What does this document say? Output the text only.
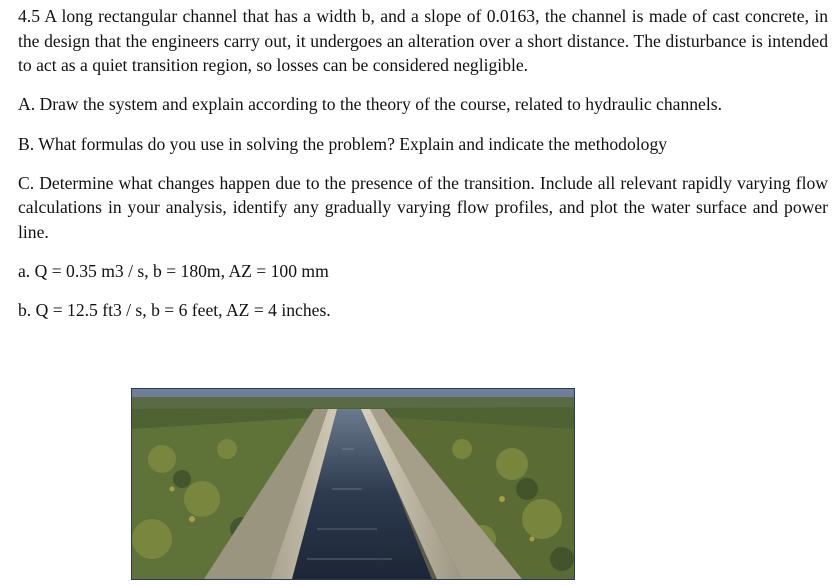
4.5 A long rectangular channel that has a width b, and a slope of 0.0163, the channel is made of cast concrete, in the design that the engineers carry out, it undergoes an alteration over a short distance. The disturbance is intended to act as a quiet transition region, so losses can be considered negligible.

A. Draw the system and explain according to the theory of the course, related to hydraulic channels.

B. What formulas do you use in solving the problem? Explain and indicate the methodology

C. Determine what changes happen due to the presence of the transition. Include all relevant rapidly varying flow calculations in your analysis, identify any gradually varying flow profiles, and plot the water surface and power line.

a. Q = 0.35 m3 / s, b = 180m, AZ = 100 mm

b. Q = 12.5 ft3 / s, b = 6 feet, AZ = 4 inches.
